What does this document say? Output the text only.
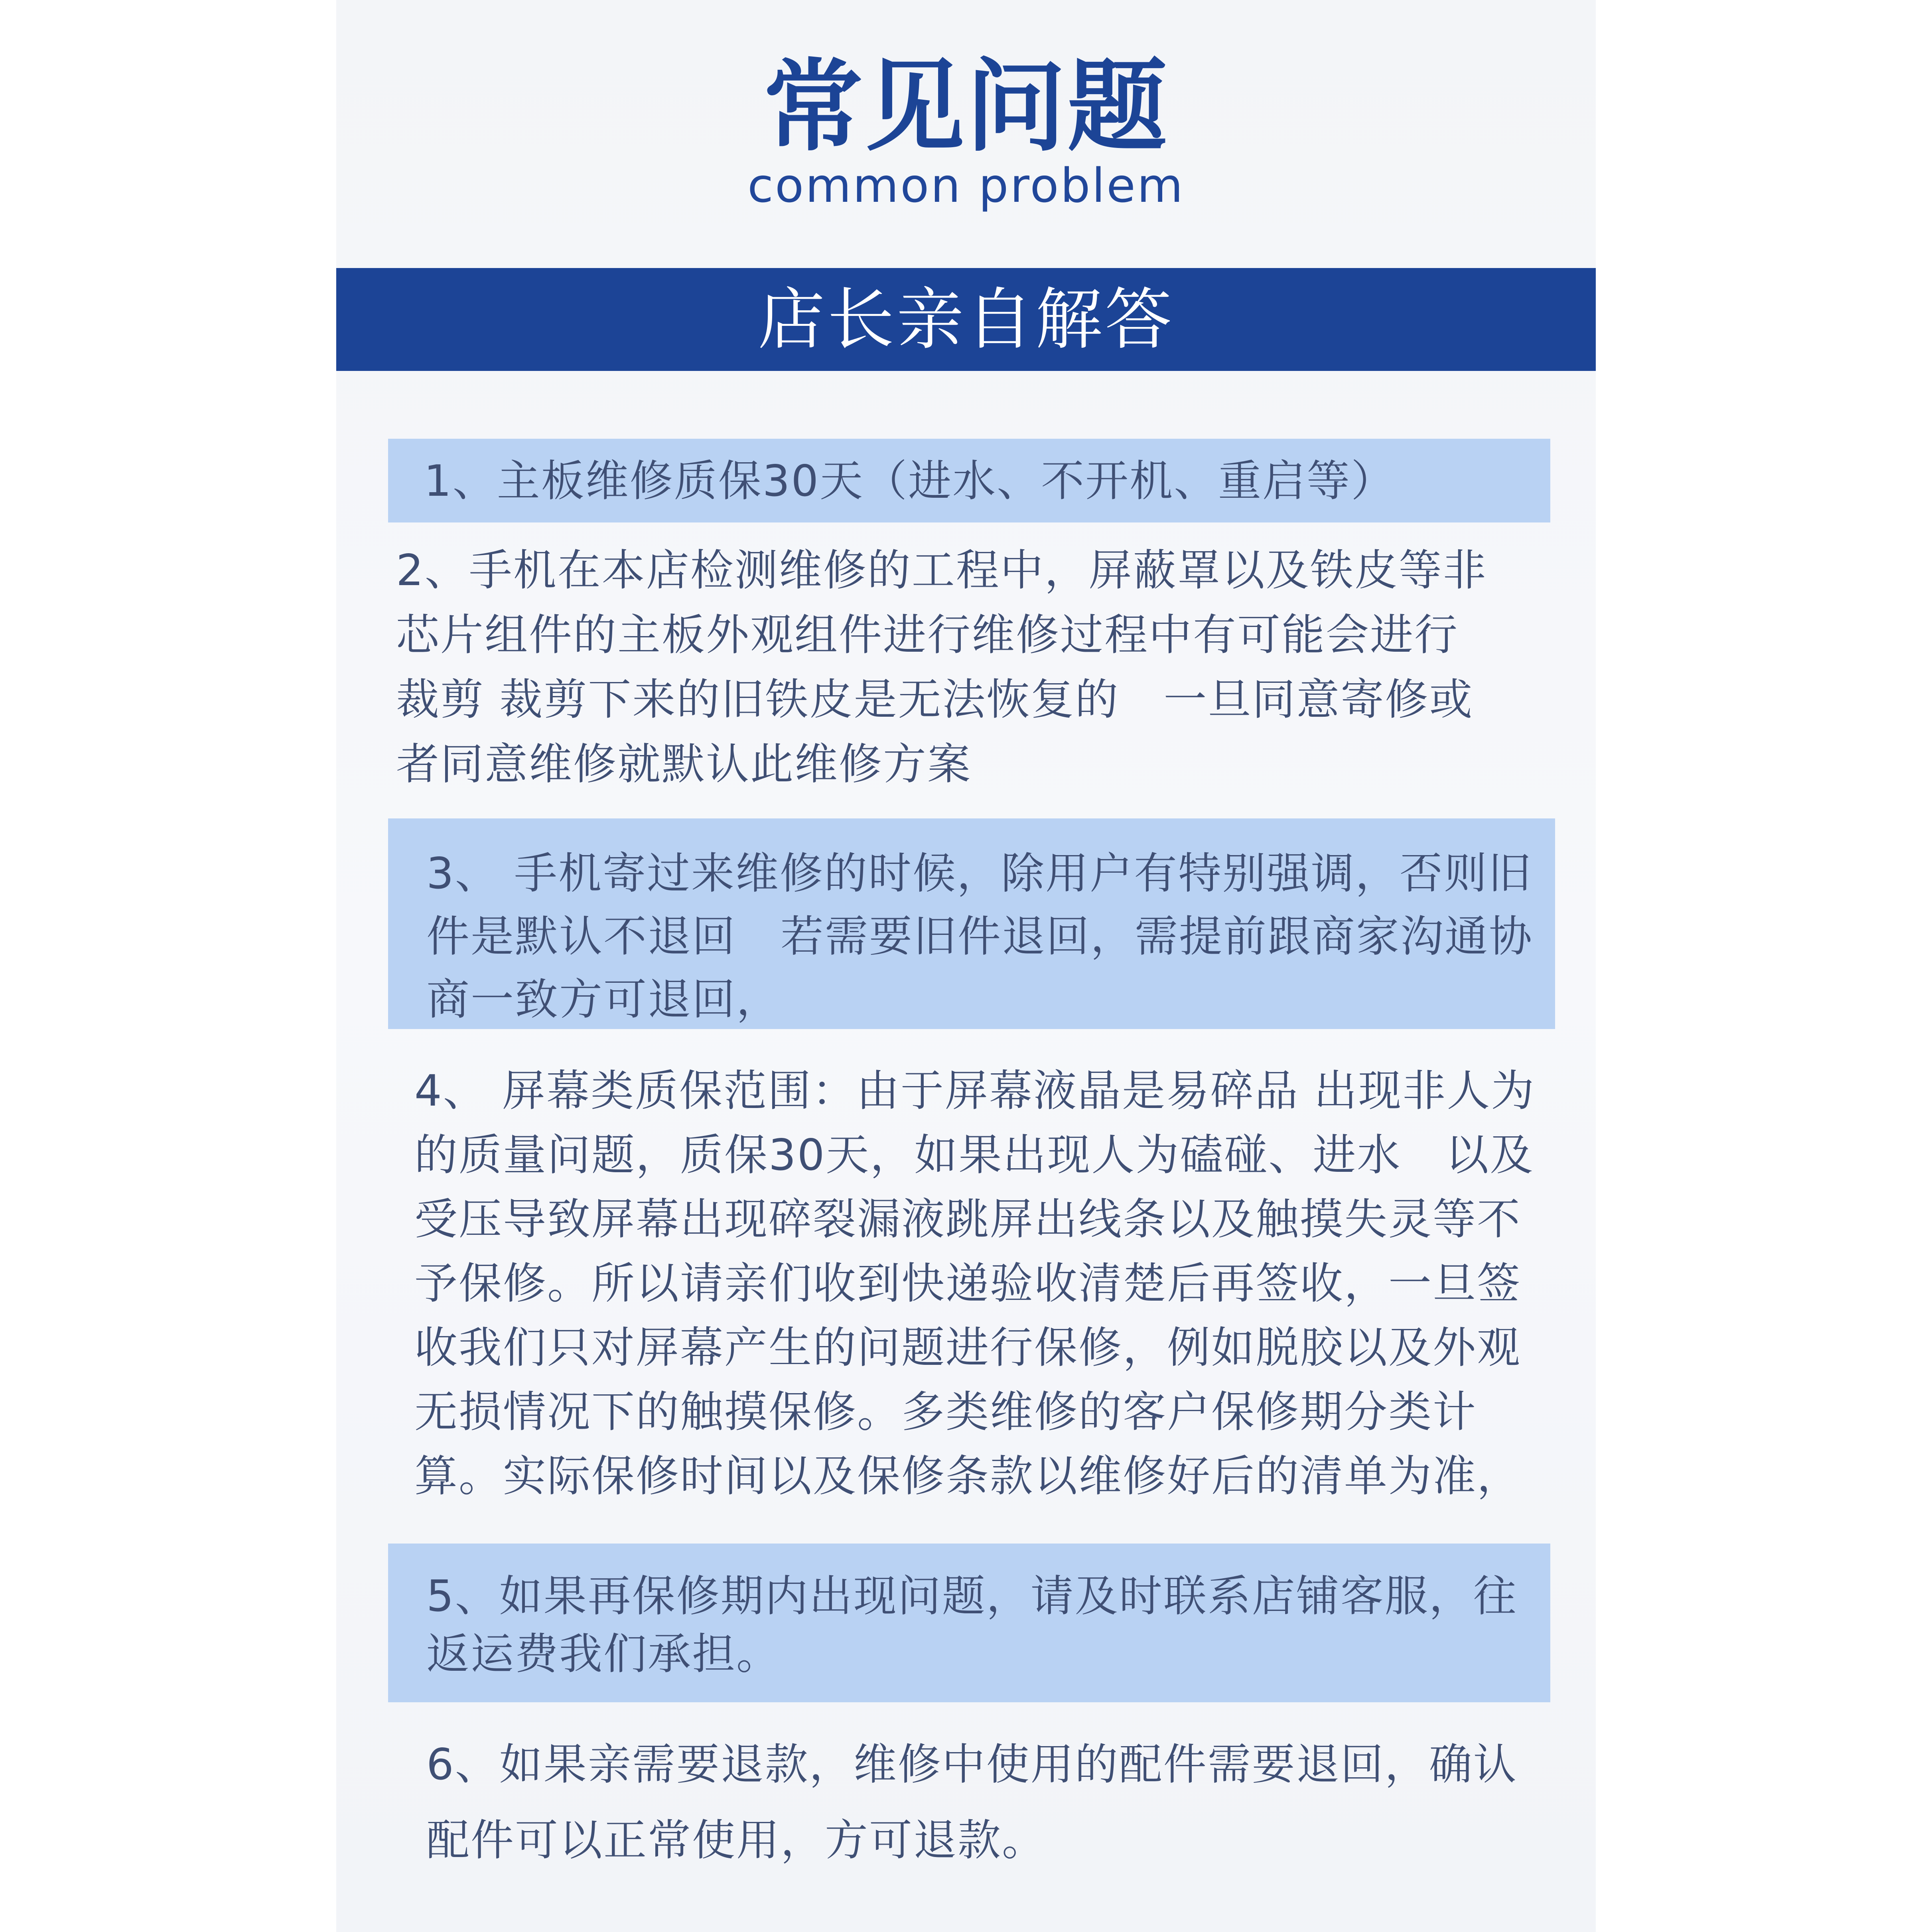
常见问题
common problem
店长亲自解答
1、主板维修质保30天（进水、不开机、重启等）
2、手机在本店检测维修的工程中，屏蔽罩以及铁皮等非芯片组件的主板外观组件进行维修过程中有可能会进行裁剪 裁剪下来的旧铁皮是无法恢复的　一旦同意寄修或者同意维修就默认此维修方案
3、 手机寄过来维修的时候，除用户有特别强调，否则旧件是默认不退回　若需要旧件退回，需提前跟商家沟通协商一致方可退回，
4、 屏幕类质保范围：由于屏幕液晶是易碎品 出现非人为的质量问题，质保30天，如果出现人为磕碰、进水　以及受压导致屏幕出现碎裂漏液跳屏出线条以及触摸失灵等不予保修。所以请亲们收到快递验收清楚后再签收，一旦签收我们只对屏幕产生的问题进行保修，例如脱胶以及外观无损情况下的触摸保修。多类维修的客户保修期分类计算。实际保修时间以及保修条款以维修好后的清单为准，
5、如果再保修期内出现问题，请及时联系店铺客服，往返运费我们承担。
6、如果亲需要退款，维修中使用的配件需要退回，确认配件可以正常使用，方可退款。
